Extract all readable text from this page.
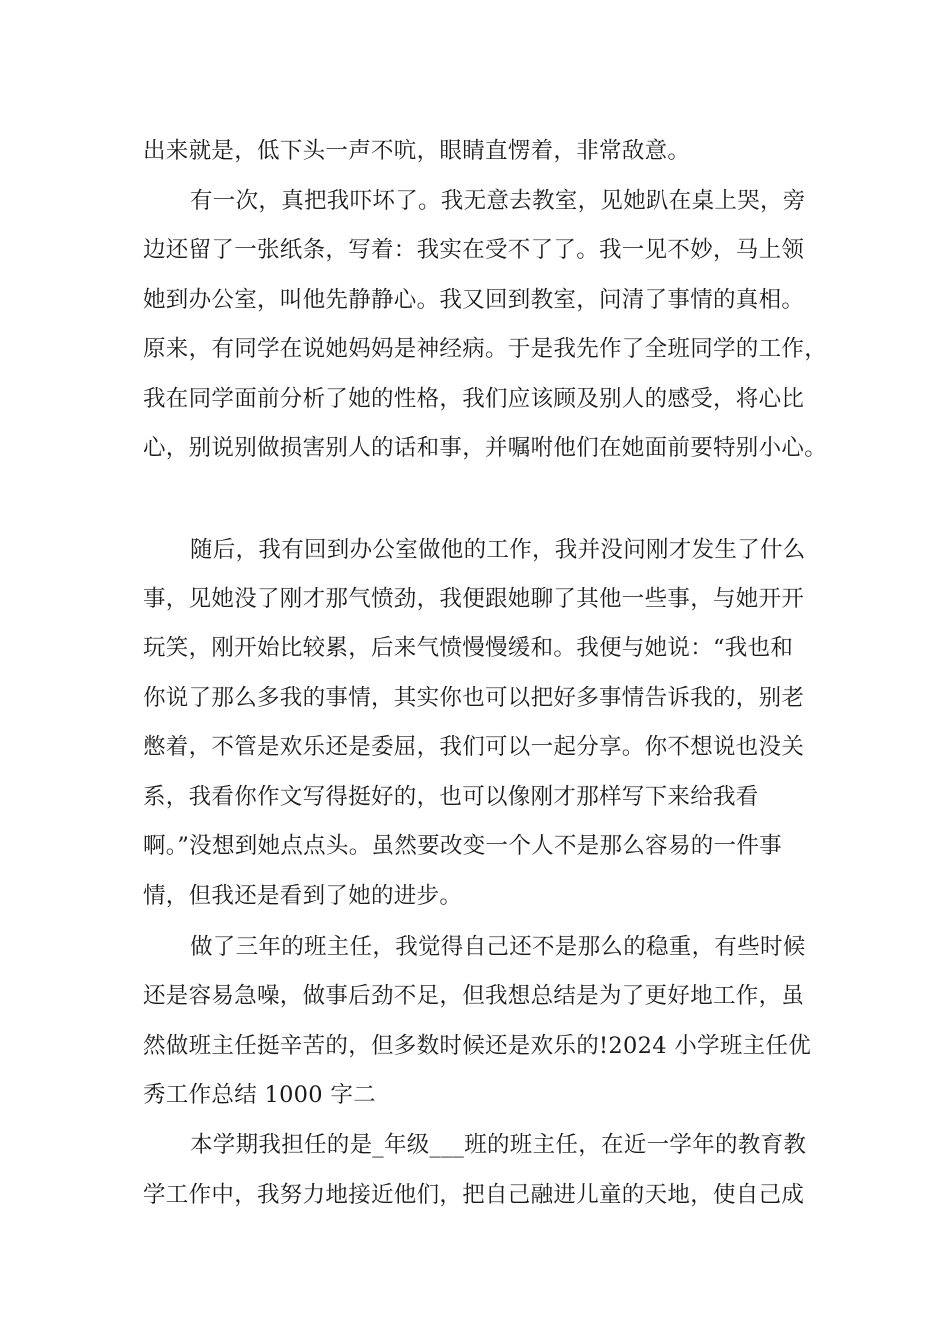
出来就是，低下头一声不吭，眼睛直愣着，非常敌意。
有一次，真把我吓坏了。我无意去教室，见她趴在桌上哭，旁
边还留了一张纸条，写着：我实在受不了了。我一见不妙，马上领
她到办公室，叫他先静静心。我又回到教室，问清了事情的真相。
原来，有同学在说她妈妈是神经病。于是我先作了全班同学的工作，
我在同学面前分析了她的性格，我们应该顾及别人的感受，将心比
心，别说别做损害别人的话和事，并嘱咐他们在她面前要特别小心。
随后，我有回到办公室做他的工作，我并没问刚才发生了什么
事，见她没了刚才那气愤劲，我便跟她聊了其他一些事，与她开开
玩笑，刚开始比较累，后来气愤慢慢缓和。我便与她说：“我也和
你说了那么多我的事情，其实你也可以把好多事情告诉我的，别老
憋着，不管是欢乐还是委屈，我们可以一起分享。你不想说也没关
系，我看你作文写得挺好的，也可以像刚才那样写下来给我看
啊。”没想到她点点头。虽然要改变一个人不是那么容易的一件事
情，但我还是看到了她的进步。
做了三年的班主任，我觉得自己还不是那么的稳重，有些时候
还是容易急噪，做事后劲不足，但我想总结是为了更好地工作，虽
然做班主任挺辛苦的，但多数时候还是欢乐的!2024 小学班主任优
秀工作总结 1000 字二
本学期我担任的是_年级___班的班主任，在近一学年的教育教
学工作中，我努力地接近他们，把自己融进儿童的天地，使自己成
